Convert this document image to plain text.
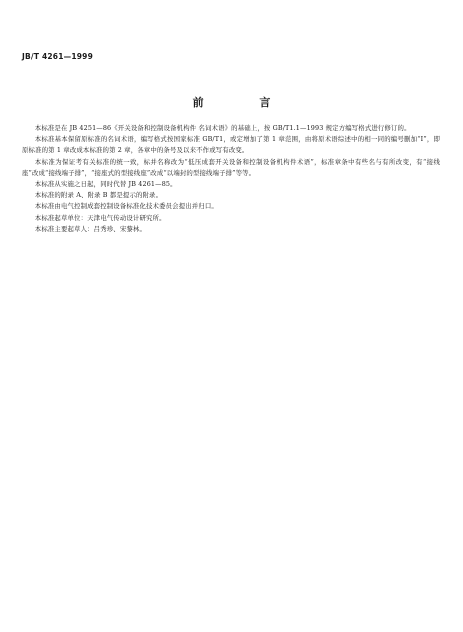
JB/T 4261—1999
前 言

本标准是在 JB 4251—86《开关设备和控制设备机构件 名词术语》的基础上，按 GB/T1.1—1993 规定方编写格式进行修订的。

本标准基本保留原标准的名词术语，编写格式按国家标准 GB/T1，或定增加了第 1 章范围，由将原术语综述中的相一同的编号删加“I”，即原标准的第 1 章改成本标准的第 2 章，各章中的条号及以来不作或写有改变。

本标准为保证考有关标准的统一致，标并名称改为“低压成套开关设备和控制设备机构件术语”，标准章条中有些名与有所改变，有“接线座”改成“接线端子排”，“接座式的型接线座”改成“以端封的型接线端子排”等等。

本标准从实施之日起，同时代替 JB 4261—85。

本标准的附录 A、附录 B 都是提示的附录。

本标准由电气控制成套控制设备标准化技术委员会提出并归口。

本标准起草单位：天津电气传动设计研究所。

本标准主要起草人：吕秀珍、宋黎林。
